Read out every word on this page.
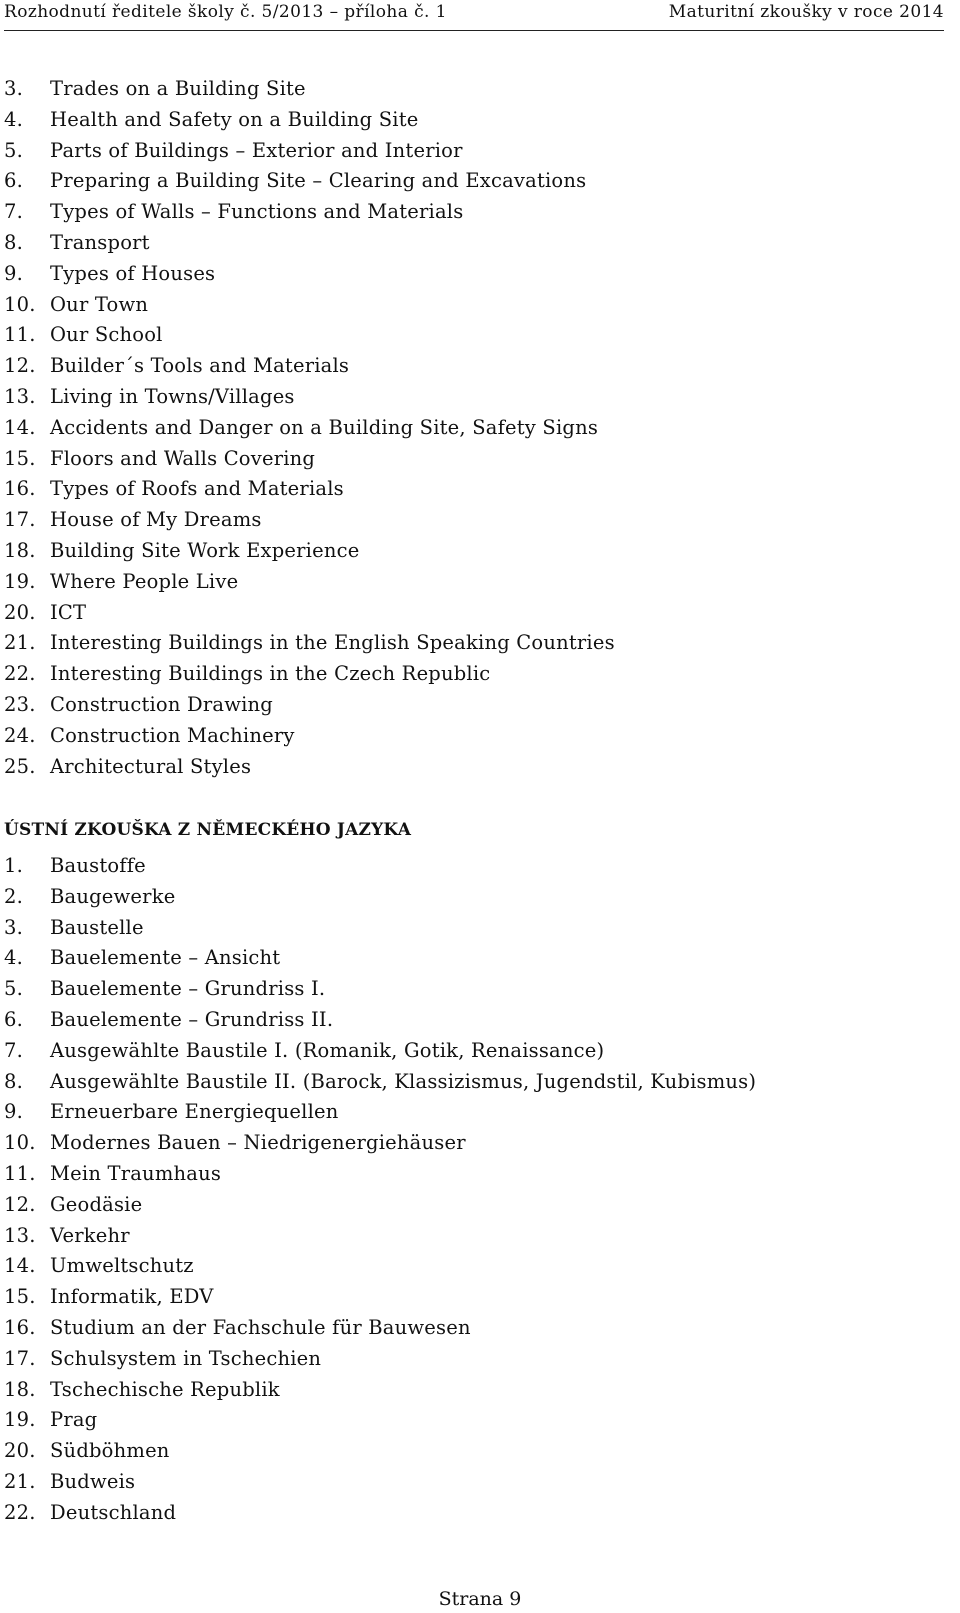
Rozhodnutí ředitele školy č. 5/2013 – příloha č. 1	Maturitní zkoušky v roce 2014
3.	Trades on a Building Site
4.	Health and Safety on a Building Site
5.	Parts of Buildings – Exterior and Interior
6.	Preparing a Building Site – Clearing and Excavations
7.	Types of Walls – Functions and Materials
8.	Transport
9.	Types of Houses
10. Our Town
11. Our School
12. Builder´s Tools and Materials
13. Living in Towns/Villages
14. Accidents and Danger on a Building Site, Safety Signs
15. Floors and Walls Covering
16. Types of Roofs and Materials
17. House of My Dreams
18. Building Site Work Experience
19. Where People Live
20. ICT
21. Interesting Buildings in the English Speaking Countries
22. Interesting Buildings in the Czech Republic
23. Construction Drawing
24. Construction Machinery
25. Architectural Styles
ÚSTNÍ ZKOUŠKA Z NĚMECKÉHO JAZYKA
1.	Baustoffe
2.	Baugewerke
3.	Baustelle
4.	Bauelemente – Ansicht
5.	Bauelemente – Grundriss I.
6.	Bauelemente – Grundriss II.
7.	Ausgewählte Baustile I. (Romanik, Gotik, Renaissance)
8.	Ausgewählte Baustile II. (Barock, Klassizismus, Jugendstil, Kubismus)
9.	Erneuerbare Energiequellen
10. Modernes Bauen – Niedrigenergiehäuser
11. Mein Traumhaus
12. Geodäsie
13. Verkehr
14. Umweltschutz
15. Informatik, EDV
16. Studium an der Fachschule für Bauwesen
17. Schulsystem in Tschechien
18. Tschechische Republik
19. Prag
20. Südböhmen
21. Budweis
22. Deutschland
Strana 9
